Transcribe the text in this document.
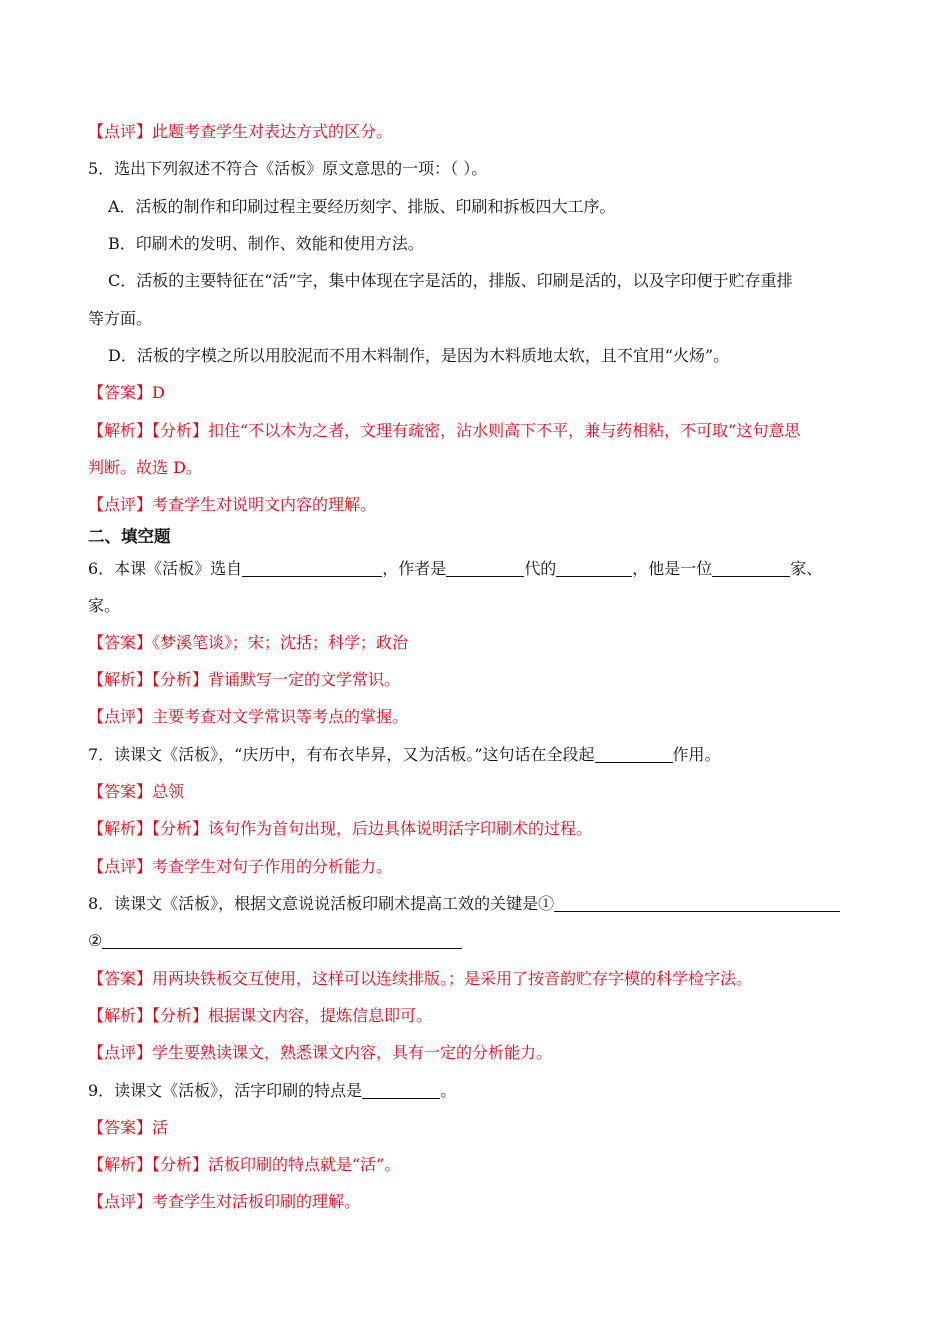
【点评】此题考查学生对表达方式的区分。
5．选出下列叙述不符合《活板》原文意思的一项：（ ）。
A．活板的制作和印刷过程主要经历刻字、排版、印刷和拆板四大工序。
B．印刷术的发明、制作、效能和使用方法。
C．活板的主要特征在“活”字，集中体现在字是活的，排版、印刷是活的，以及字印便于贮存重排
等方面。
D．活板的字模之所以用胶泥而不用木料制作，是因为木料质地太软，且不宜用“火炀”。
【答案】D
【解析】【分析】扣住“不以木为之者，文理有疏密，沾水则高下不平，兼与药相粘，不可取”这句意思
判断。故选 D。
【点评】考查学生对说明文内容的理解。
二、填空题
6．本课《活板》选自	，作者是	代的	，他是一位	家、
家。
【答案】《梦溪笔谈》；宋；沈括；科学；政治
【解析】【分析】背诵默写一定的文学常识。
【点评】主要考查对文学常识等考点的掌握。
7．读课文《活板》，“庆历中，有布衣毕昇，又为活板。”这句话在全段起	作用。
【答案】总领
【解析】【分析】该句作为首句出现，后边具体说明活字印刷术的过程。
【点评】考查学生对句子作用的分析能力。
8．读课文《活板》，根据文意说说活板印刷术提高工效的关键是①
②
【答案】用两块铁板交互使用，这样可以连续排版。；是采用了按音韵贮存字模的科学检字法。
【解析】【分析】根据课文内容，提炼信息即可。
【点评】学生要熟读课文，熟悉课文内容，具有一定的分析能力。
9．读课文《活板》，活字印刷的特点是	。
【答案】活
【解析】【分析】活板印刷的特点就是“活”。
【点评】考查学生对活板印刷的理解。
